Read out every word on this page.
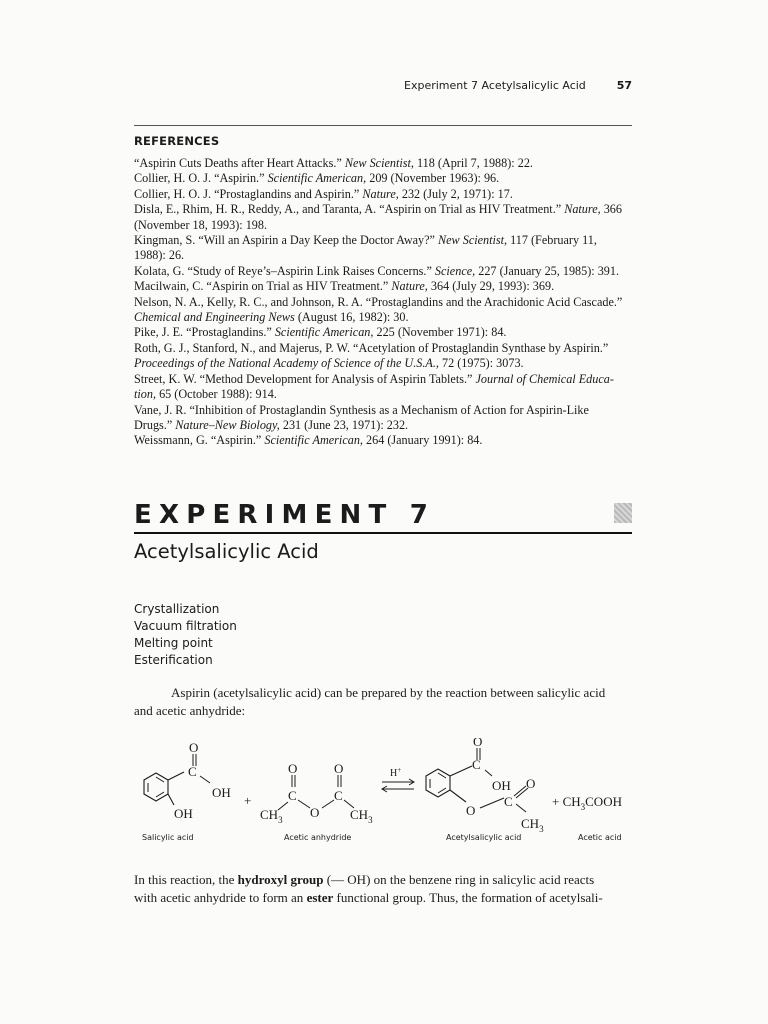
Experiment 7 Acetylsalicylic Acid	57
REFERENCES

“Aspirin Cuts Deaths after Heart Attacks.” New Scientist, 118 (April 7, 1988): 22.

Collier, H. O. J. “Aspirin.” Scientific American, 209 (November 1963): 96.

Collier, H. O. J. “Prostaglandins and Aspirin.” Nature, 232 (July 2, 1971): 17.

Disla, E., Rhim, H. R., Reddy, A., and Taranta, A. “Aspirin on Trial as HIV Treatment.” Nature, 366
(November 18, 1993): 198.

Kingman, S. “Will an Aspirin a Day Keep the Doctor Away?” New Scientist, 117 (February 11,
1988): 26.

Kolata, G. “Study of Reye’s–Aspirin Link Raises Concerns.” Science, 227 (January 25, 1985): 391.

Macilwain, C. “Aspirin on Trial as HIV Treatment.” Nature, 364 (July 29, 1993): 369.

Nelson, N. A., Kelly, R. C., and Johnson, R. A. “Prostaglandins and the Arachidonic Acid Cascade.”
Chemical and Engineering News (August 16, 1982): 30.

Pike, J. E. “Prostaglandins.” Scientific American, 225 (November 1971): 84.

Roth, G. J., Stanford, N., and Majerus, P. W. “Acetylation of Prostaglandin Synthase by Aspirin.”
Proceedings of the National Academy of Science of the U.S.A., 72 (1975): 3073.

Street, K. W. “Method Development for Analysis of Aspirin Tablets.” Journal of Chemical Educa-
tion, 65 (October 1988): 914.

Vane, J. R. “Inhibition of Prostaglandin Synthesis as a Mechanism of Action for Aspirin-Like
Drugs.” Nature–New Biology, 231 (June 23, 1971): 232.

Weissmann, G. “Aspirin.” Scientific American, 264 (January 1991): 84.

EXPERIMENT 7
Acetylsalicylic Acid
Crystallization
Vacuum filtration
Melting point
Esterification
Aspirin (acetylsalicylic acid) can be prepared by the reaction between salicylic acid
and acetic anhydride:
O
C
OH
OH
Salicylic acid
+
O	O
C	C
O
$CH_3$	$CH_3$
Acetic anhydride
H+
O
C
OH O
O
C
$CH_3$
Acetylsalicylic acid
+ $CH_3COOH$
Acetic acid
In this reaction, the hydroxyl group (— OH) on the benzene ring in salicylic acid reacts
with acetic anhydride to form an ester functional group. Thus, the formation of acetylsali-
